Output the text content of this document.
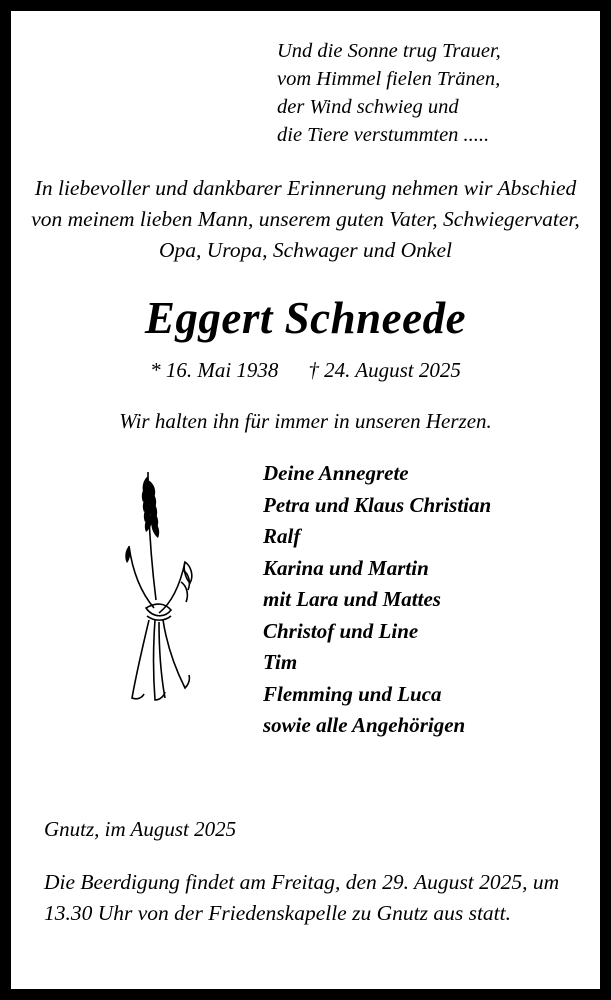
Und die Sonne trug Trauer,
vom Himmel fielen Tränen,
der Wind schwieg und
die Tiere verstummten .....
In liebevoller und dankbarer Erinnerung nehmen wir Abschied von meinem lieben Mann, unserem guten Vater, Schwiegervater, Opa, Uropa, Schwager und Onkel
Eggert Schneede
* 16. Mai 1938 † 24. August 2025
Wir halten ihn für immer in unseren Herzen.
Deine Annegrete
Petra und Klaus Christian
Ralf
Karina und Martin
mit Lara und Mattes
Christof und Line
Tim
Flemming und Luca
sowie alle Angehörigen
Gnutz, im August 2025
Die Beerdigung findet am Freitag, den 29. August 2025, um 13.30 Uhr von der Friedenskapelle zu Gnutz aus statt.
